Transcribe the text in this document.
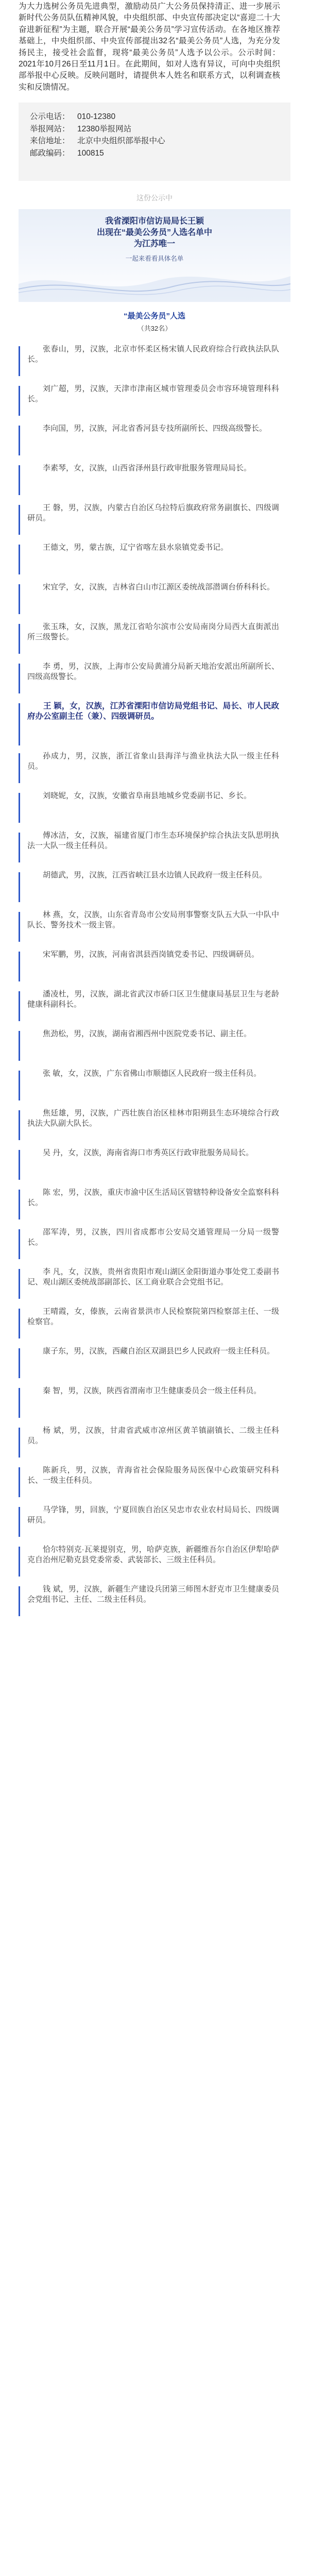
为大力选树公务员先进典型，激励动员广大公务员保持清正、进一步展示新时代公务员队伍精神风貌，中央组织部、中央宣传部决定以“喜迎二十大 奋进新征程”为主题，联合开展“最美公务员”学习宣传活动。在各地区推荐基础上，中央组织部、中央宣传部提出32名“最美公务员”人选，为充分发扬民主，接受社会监督，现将“最美公务员”人选予以公示。公示时间：2021年10月26日至11月1日。在此期间，如对人选有异议，可向中央组织部举报中心反映。反映问题时，请提供本人姓名和联系方式，以利调查核实和反馈情况。
公示电话： 010-12380
举报网站： 12380举报网站
来信地址： 北京中央组织部举报中心
邮政编码： 100815
这份公示中
我省溧阳市信访局局长王颖
出现在“最美公务员”人选名单中
为江苏唯一
一起来看看具体名单
“最美公务员”人选
（共32名）
张春山，男，汉族，北京市怀柔区杨宋镇人民政府综合行政执法队队长。
刘广超，男，汉族，天津市津南区城市管理委员会市容环境管理科科长。
李向国，男，汉族，河北省香河县专技所副所长、四级高级警长。
李素琴，女，汉族，山西省泽州县行政审批服务管理局局长。
王 磐，男，汉族，内蒙古自治区乌拉特后旗政府常务副旗长、四级调研员。
王德文，男，蒙古族，辽宁省喀左县水泉镇党委书记。
宋宜学，女，汉族，吉林省白山市江源区委统战部潜调台侨科科长。
张玉珠，女，汉族，黑龙江省哈尔滨市公安局南岗分局西大直街派出所三级警长。
李 勇，男，汉族，上海市公安局黄浦分局新天地治安派出所副所长、四级高级警长。
王 颖，女，汉族，江苏省溧阳市信访局党组书记、局长、市人民政府办公室副主任（兼）、四级调研员。
孙成力，男，汉族，浙江省象山县海洋与渔业执法大队一级主任科员。
刘晓妮，女，汉族，安徽省阜南县地城乡党委副书记、乡长。
傅冰洁，女，汉族，福建省厦门市生态环境保护综合执法支队思明执法一大队一级主任科员。
胡德武，男，汉族，江西省峡江县水边镇人民政府一级主任科员。
林 燕，女，汉族，山东省青岛市公安局刑事警察支队五大队一中队中队长、警务技术一级主管。
宋军鹏，男，汉族，河南省淇县西岗镇党委书记、四级调研员。
潘凌杜，男，汉族，湖北省武汉市硚口区卫生健康局基层卫生与老龄健康科副科长。
焦劲松，男，汉族，湖南省湘西州中医院党委书记、副主任。
张 敏，女，汉族，广东省佛山市顺德区人民政府一级主任科员。
焦廷雄，男，汉族，广西壮族自治区桂林市阳朔县生态环境综合行政执法大队副大队长。
吴 丹，女，汉族，海南省海口市秀英区行政审批服务局局长。
陈 宏，男，汉族，重庆市渝中区生活局区管辖特种设备安全监察科科长。
邵军涛，男，汉族，四川省成都市公安局交通管理局一分局一级警长。
李 凡，女，汉族，贵州省贵阳市观山湖区金阳街道办事处党工委副书记、观山湖区委统战部副部长、区工商业联合会党组书记。
王晴霞，女，傣族，云南省景洪市人民检察院第四检察部主任、一级检察官。
康子东，男，汉族，西藏自治区双湖县巴乡人民政府一级主任科员。
秦 智，男，汉族，陕西省渭南市卫生健康委员会一级主任科员。
杨 斌，男，汉族，甘肃省武威市凉州区黄羊镇副镇长、二级主任科员。
陈新兵，男，汉族，青海省社会保险服务局医保中心政策研究科科长、一级主任科员。
马学锋，男，回族，宁夏回族自治区吴忠市农业农村局局长、四级调研员。
恰尔特别克·瓦莱提别克，男，哈萨克族，新疆维吾尔自治区伊犁哈萨克自治州尼勒克县党委常委、武装部长、三级主任科员。
钱 斌，男，汉族，新疆生产建设兵团第三师图木舒克市卫生健康委员会党组书记、主任、二级主任科员。
